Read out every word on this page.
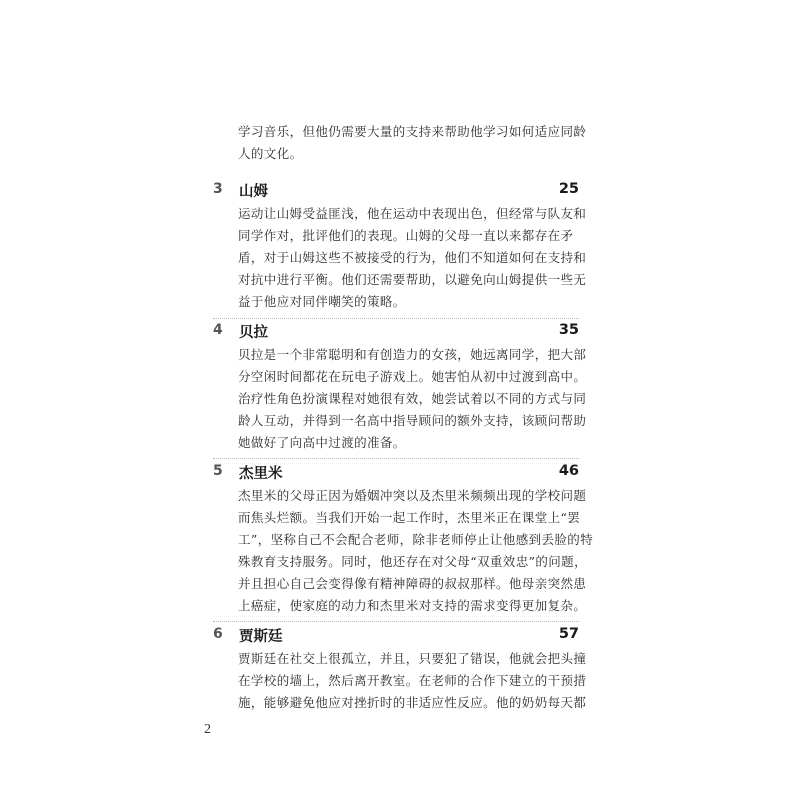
学习音乐，但他仍需要大量的支持来帮助他学习如何适应同龄
人的文化。
3 山姆	25
运动让山姆受益匪浅，他在运动中表现出色，但经常与队友和
同学作对，批评他们的表现。山姆的父母一直以来都存在矛
盾，对于山姆这些不被接受的行为，他们不知道如何在支持和
对抗中进行平衡。他们还需要帮助，以避免向山姆提供一些无
益于他应对同伴嘲笑的策略。
4 贝拉	35
贝拉是一个非常聪明和有创造力的女孩，她远离同学，把大部
分空闲时间都花在玩电子游戏上。她害怕从初中过渡到高中。
治疗性角色扮演课程对她很有效，她尝试着以不同的方式与同
龄人互动，并得到一名高中指导顾问的额外支持，该顾问帮助
她做好了向高中过渡的准备。
5 杰里米	46
杰里米的父母正因为婚姻冲突以及杰里米频频出现的学校问题
而焦头烂额。当我们开始一起工作时，杰里米正在课堂上“罢
工”，坚称自己不会配合老师，除非老师停止让他感到丢脸的特
殊教育支持服务。同时，他还存在对父母“双重效忠”的问题，
并且担心自己会变得像有精神障碍的叔叔那样。他母亲突然患
上癌症，使家庭的动力和杰里米对支持的需求变得更加复杂。
6 贾斯廷	57
贾斯廷在社交上很孤立，并且，只要犯了错误，他就会把头撞
在学校的墙上，然后离开教室。在老师的合作下建立的干预措
施，能够避免他应对挫折时的非适应性反应。他的奶奶每天都
2
